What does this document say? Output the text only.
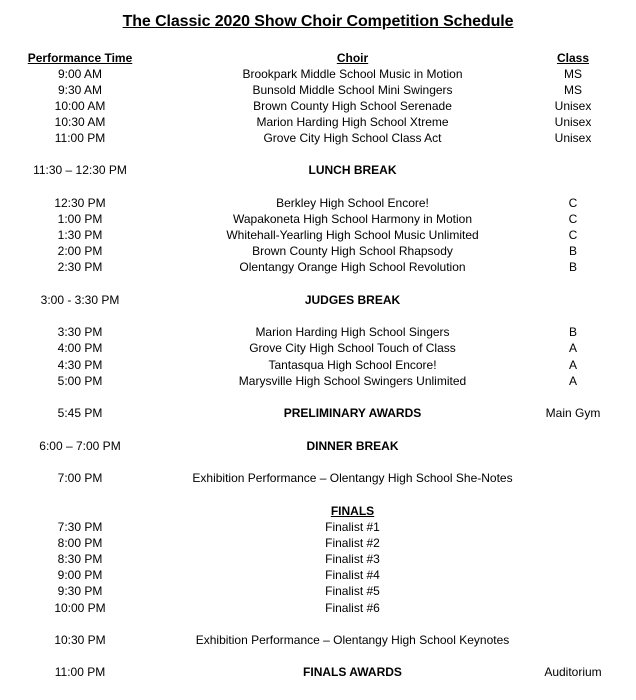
The Classic 2020 Show Choir Competition Schedule
Performance Time	Choir	Class
9:00 AM	Brookpark Middle School Music in Motion	MS
9:30 AM	Bunsold Middle School Mini Swingers	MS
10:00 AM	Brown County High School Serenade	Unisex
10:30 AM	Marion Harding High School Xtreme	Unisex
11:00 PM	Grove City High School Class Act	Unisex
11:30 – 12:30 PM	LUNCH BREAK
12:30 PM	Berkley High School Encore!	C
1:00 PM	Wapakoneta High School Harmony in Motion	C
1:30 PM	Whitehall-Yearling High School Music Unlimited	C
2:00 PM	Brown County High School Rhapsody	B
2:30 PM	Olentangy Orange High School Revolution	B
3:00 - 3:30 PM	JUDGES BREAK
3:30 PM	Marion Harding High School Singers	B
4:00 PM	Grove City High School Touch of Class	A
4:30 PM	Tantasqua High School Encore!	A
5:00 PM	Marysville High School Swingers Unlimited	A
5:45 PM	PRELIMINARY AWARDS	Main Gym
6:00 – 7:00 PM	DINNER BREAK
7:00 PM	Exhibition Performance – Olentangy High School She-Notes
FINALS
7:30 PM	Finalist #1
8:00 PM	Finalist #2
8:30 PM	Finalist #3
9:00 PM	Finalist #4
9:30 PM	Finalist #5
10:00 PM	Finalist #6
10:30 PM	Exhibition Performance – Olentangy High School Keynotes
11:00 PM	FINALS AWARDS	Auditorium
